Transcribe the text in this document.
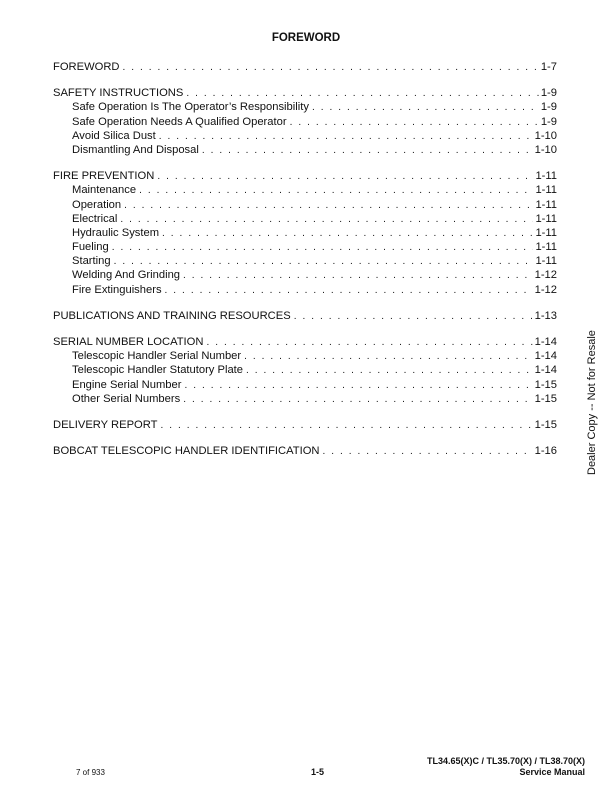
FOREWORD
FOREWORD . . .	1-7
SAFETY INSTRUCTIONS . . .	1-9
Safe Operation Is The Operator’s Responsibility . . .	1-9
Safe Operation Needs A Qualified Operator . . .	1-9
Avoid Silica Dust . . .	1-10
Dismantling And Disposal . . .	1-10
FIRE PREVENTION . . .	1-11
Maintenance . . .	1-11
Operation . . .	1-11
Electrical . . .	1-11
Hydraulic System . . .	1-11
Fueling . . .	1-11
Starting . . .	1-11
Welding And Grinding . . .	1-12
Fire Extinguishers . . .	1-12
PUBLICATIONS AND TRAINING RESOURCES . . .	1-13
SERIAL NUMBER LOCATION . . .	1-14
Telescopic Handler Serial Number . . .	1-14
Telescopic Handler Statutory Plate . . .	1-14
Engine Serial Number . . .	1-15
Other Serial Numbers . . .	1-15
DELIVERY REPORT . . .	1-15
BOBCAT TELESCOPIC HANDLER IDENTIFICATION . . .	1-16	Dealer Copy -- Not for Resale
7 of 933	1-5
TL34.65(X)C / TL35.70(X) / TL38.70(X)
Service Manual
